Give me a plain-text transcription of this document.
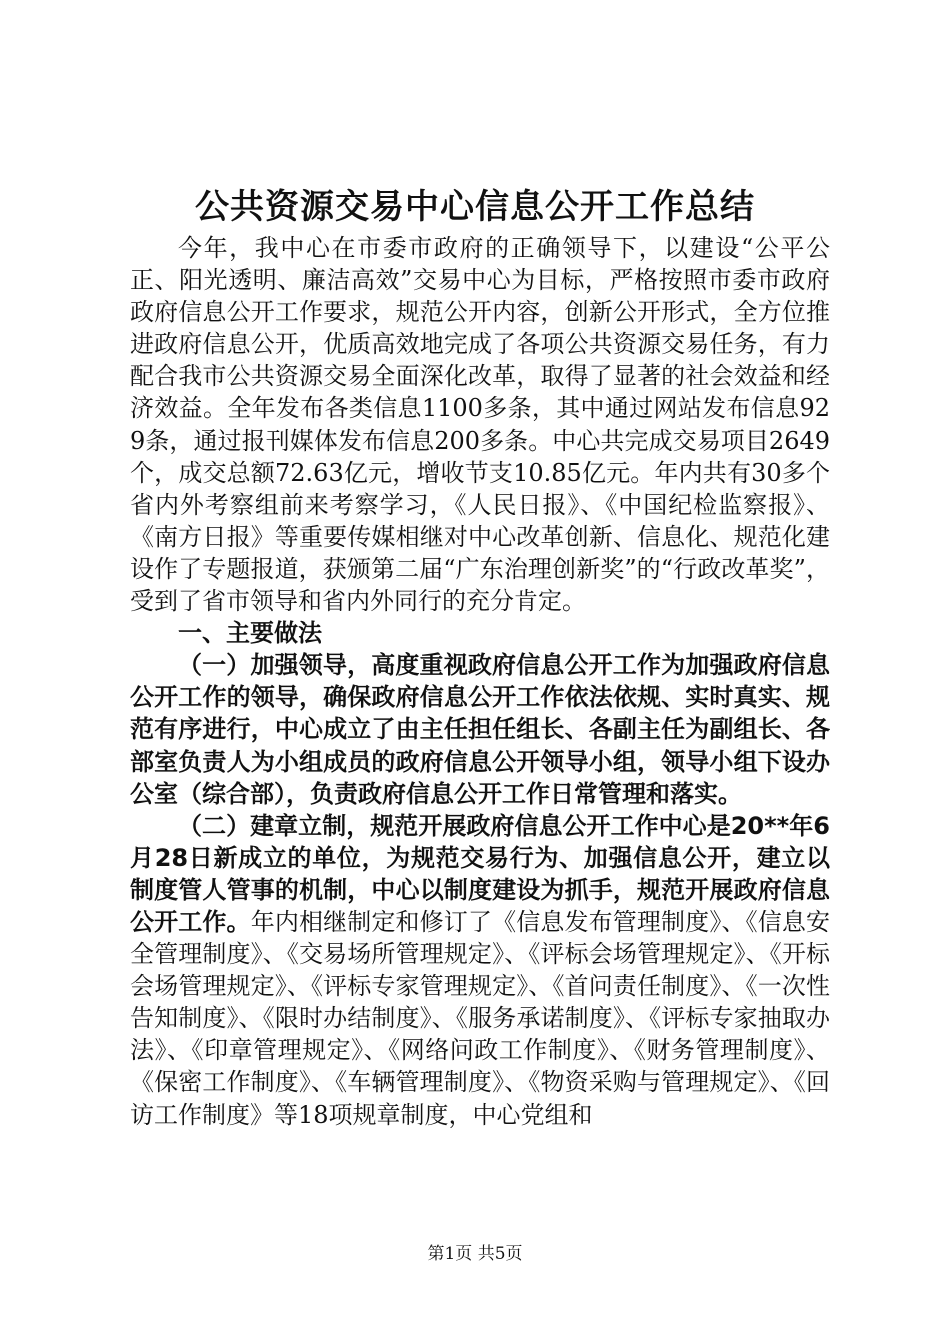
公共资源交易中心信息公开工作总结

今年，我中心在市委市政府的正确领导下，以建设“公平公正、阳光透明、廉洁高效”交易中心为目标，严格按照市委市政府政府信息公开工作要求，规范公开内容，创新公开形式，全方位推进政府信息公开，优质高效地完成了各项公共资源交易任务，有力配合我市公共资源交易全面深化改革，取得了显著的社会效益和经济效益。全年发布各类信息1100多条，其中通过网站发布信息929条，通过报刊媒体发布信息200多条。中心共完成交易项目2649个，成交总额72.63亿元，增收节支10.85亿元。年内共有30多个省内外考察组前来考察学习，《人民日报》、《中国纪检监察报》、《南方日报》等重要传媒相继对中心改革创新、信息化、规范化建设作了专题报道，获颁第二届“广东治理创新奖”的“行政改革奖”，受到了省市领导和省内外同行的充分肯定。

一、主要做法

（一）加强领导，高度重视政府信息公开工作为加强政府信息公开工作的领导，确保政府信息公开工作依法依规、实时真实、规范有序进行，中心成立了由主任担任组长、各副主任为副组长、各部室负责人为小组成员的政府信息公开领导小组，领导小组下设办公室（综合部），负责政府信息公开工作日常管理和落实。

（二）建章立制，规范开展政府信息公开工作中心是20**年6月28日新成立的单位，为规范交易行为、加强信息公开，建立以制度管人管事的机制，中心以制度建设为抓手，规范开展政府信息公开工作。年内相继制定和修订了《信息发布管理制度》、《信息安全管理制度》、《交易场所管理规定》、《评标会场管理规定》、《开标会场管理规定》、《评标专家管理规定》、《首问责任制度》、《一次性告知制度》、《限时办结制度》、《服务承诺制度》、《评标专家抽取办法》、《印章管理规定》、《网络问政工作制度》、《财务管理制度》、《保密工作制度》、《车辆管理制度》、《物资采购与管理规定》、《回访工作制度》等18项规章制度，中心党组和

第1页 共5页
